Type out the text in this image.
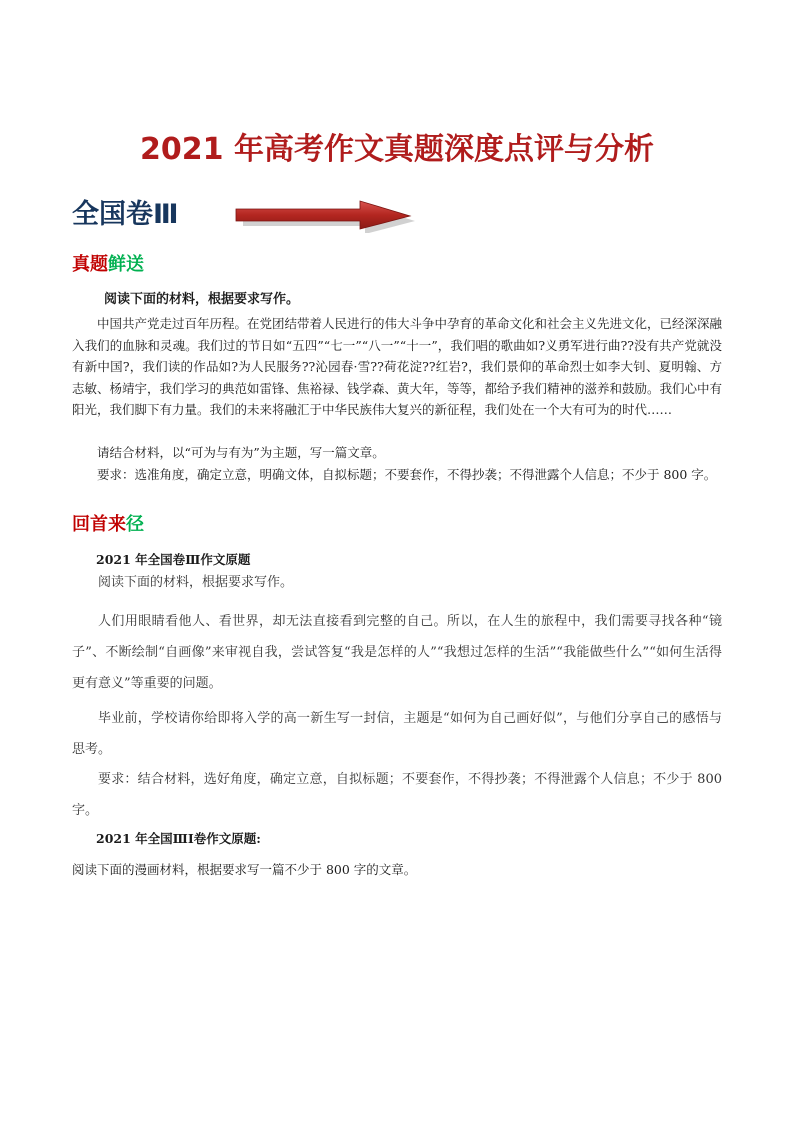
2021 年高考作文真题深度点评与分析
全国卷Ⅲ
真题鲜送
阅读下面的材料，根据要求写作。

中国共产党走过百年历程。在党团结带着人民进行的伟大斗争中孕育的革命文化和社会主义先进文化，已经深深融入我们的血脉和灵魂。我们过的节日如“五四”“七一”“八一”“十一”，我们唱的歌曲如?义勇军进行曲??没有共产党就没有新中国?，我们读的作品如?为人民服务??沁园春·雪??荷花淀??红岩?，我们景仰的革命烈士如李大钊、夏明翰、方志敏、杨靖宇，我们学习的典范如雷锋、焦裕禄、钱学森、黄大年，等等，都给予我们精神的滋养和鼓励。我们心中有阳光，我们脚下有力量。我们的未来将融汇于中华民族伟大复兴的新征程，我们处在一个大有可为的时代……

请结合材料，以“可为与有为”为主题，写一篇文章。

要求：选准角度，确定立意，明确文体，自拟标题；不要套作，不得抄袭；不得泄露个人信息；不少于 800 字。

回首来径
2021 年全国卷Ⅲ作文原题

阅读下面的材料，根据要求写作。

人们用眼睛看他人、看世界，却无法直接看到完整的自己。所以，在人生的旅程中，我们需要寻找各种“镜子”、不断绘制“自画像”来审视自我，尝试答复“我是怎样的人”“我想过怎样的生活”“我能做些什么”“如何生活得更有意义”等重要的问题。

毕业前，学校请你给即将入学的高一新生写一封信，主题是“如何为自己画好似”，与他们分享自己的感悟与思考。

要求：结合材料，选好角度，确定立意，自拟标题；不要套作，不得抄袭；不得泄露个人信息；不少于 800 字。

2021 年全国ⅢⅠ卷作文原题:

阅读下面的漫画材料，根据要求写一篇不少于 800 字的文章。
